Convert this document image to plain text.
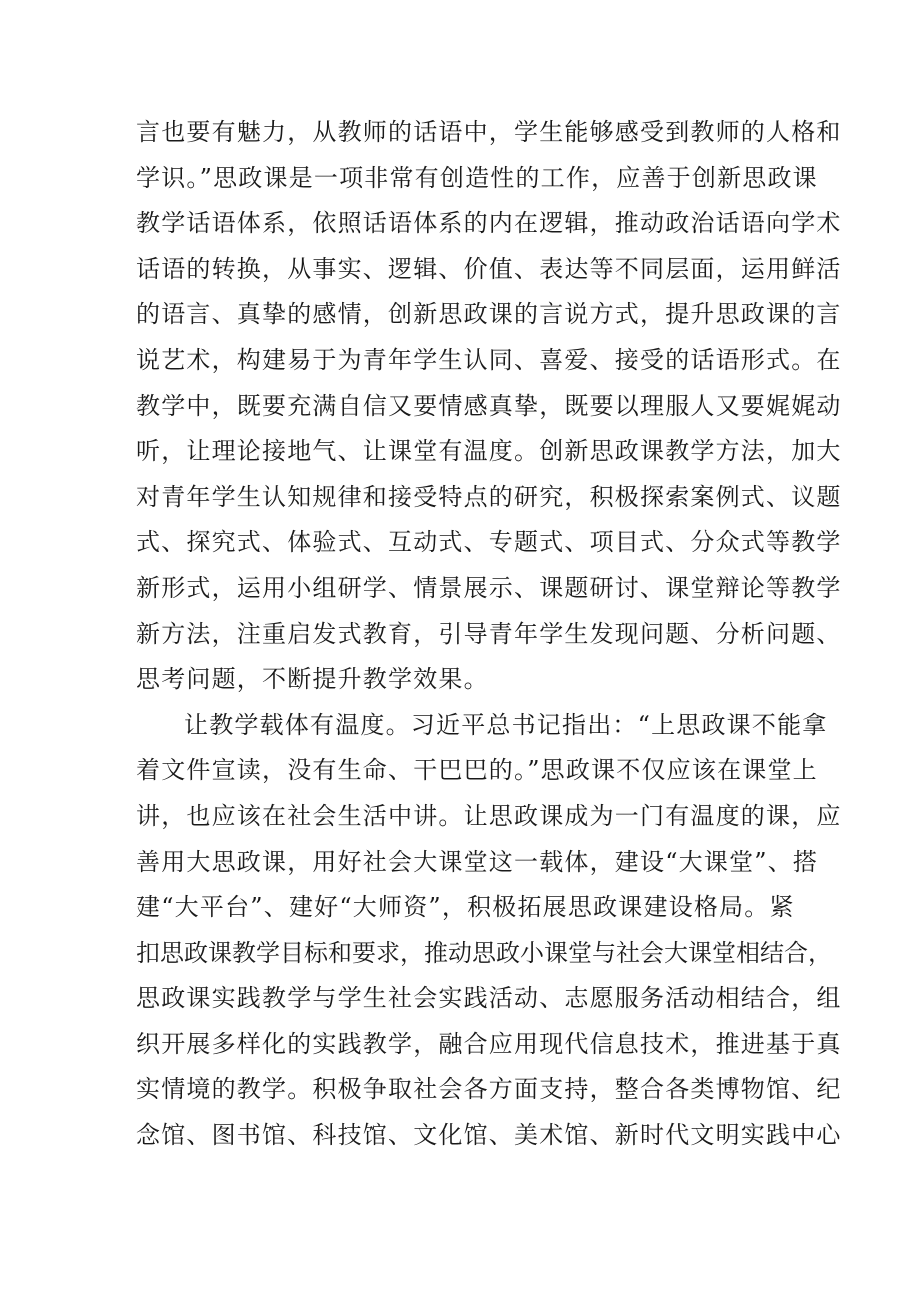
言也要有魅力，从教师的话语中，学生能够感受到教师的人格和
学识。”思政课是一项非常有创造性的工作，应善于创新思政课
教学话语体系，依照话语体系的内在逻辑，推动政治话语向学术
话语的转换，从事实、逻辑、价值、表达等不同层面，运用鲜活
的语言、真挚的感情，创新思政课的言说方式，提升思政课的言
说艺术，构建易于为青年学生认同、喜爱、接受的话语形式。在
教学中，既要充满自信又要情感真挚，既要以理服人又要娓娓动
听，让理论接地气、让课堂有温度。创新思政课教学方法，加大
对青年学生认知规律和接受特点的研究，积极探索案例式、议题
式、探究式、体验式、互动式、专题式、项目式、分众式等教学
新形式，运用小组研学、情景展示、课题研讨、课堂辩论等教学
新方法，注重启发式教育，引导青年学生发现问题、分析问题、
思考问题，不断提升教学效果。
让教学载体有温度。习近平总书记指出：“上思政课不能拿
着文件宣读，没有生命、干巴巴的。”思政课不仅应该在课堂上
讲，也应该在社会生活中讲。让思政课成为一门有温度的课，应
善用大思政课，用好社会大课堂这一载体，建设“大课堂”、搭
建“大平台”、建好“大师资”，积极拓展思政课建设格局。紧
扣思政课教学目标和要求，推动思政小课堂与社会大课堂相结合，
思政课实践教学与学生社会实践活动、志愿服务活动相结合，组
织开展多样化的实践教学，融合应用现代信息技术，推进基于真
实情境的教学。积极争取社会各方面支持，整合各类博物馆、纪
念馆、图书馆、科技馆、文化馆、美术馆、新时代文明实践中心
